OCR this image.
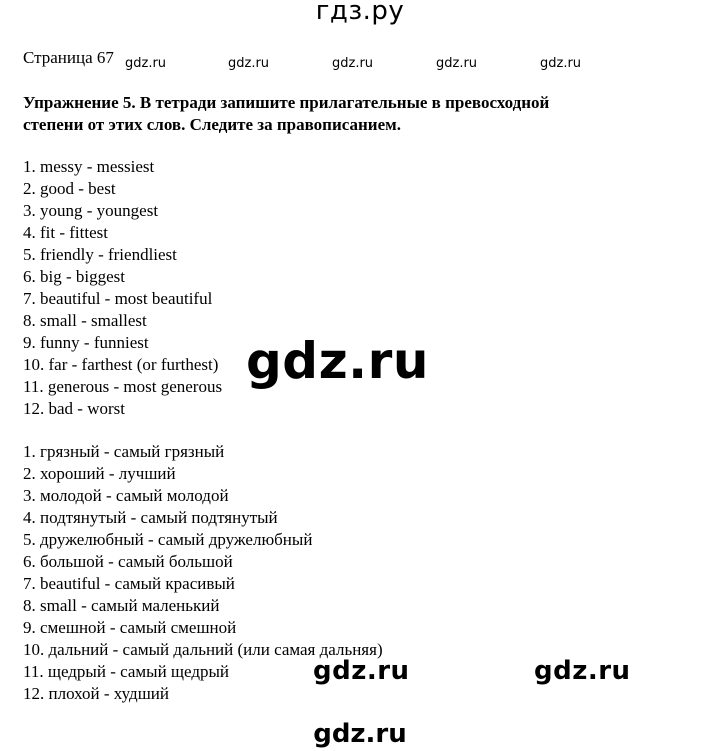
гдз.ру
Страница 67 gdz.ru	gdz.ru	gdz.ru	gdz.ru	gdz.ru
Упражнение 5. В тетради запишите прилагательные в превосходной
степени от этих слов. Следите за правописанием.
1. messy - messiest
2. good - best
3. young - youngest
4. fit - fittest
5. friendly - friendliest
6. big - biggest
7. beautiful - most beautiful
8. small - smallest
9. funny - funniest
10. far - farthest (or furthest)
11. generous - most generous
12. bad - worst
1. грязный - самый грязный
2. хороший - лучший
3. молодой - самый молодой
4. подтянутый - самый подтянутый
5. дружелюбный - самый дружелюбный
6. большой - самый большой
7. beautiful - самый красивый
8. small - самый маленький
9. смешной - самый смешной
10. дальний - самый дальний (или самая дальняя)
11. щедрый - самый щедрый
12. плохой - худший
gdz.ru
gdz.ru	gdz.ru
gdz.ru
